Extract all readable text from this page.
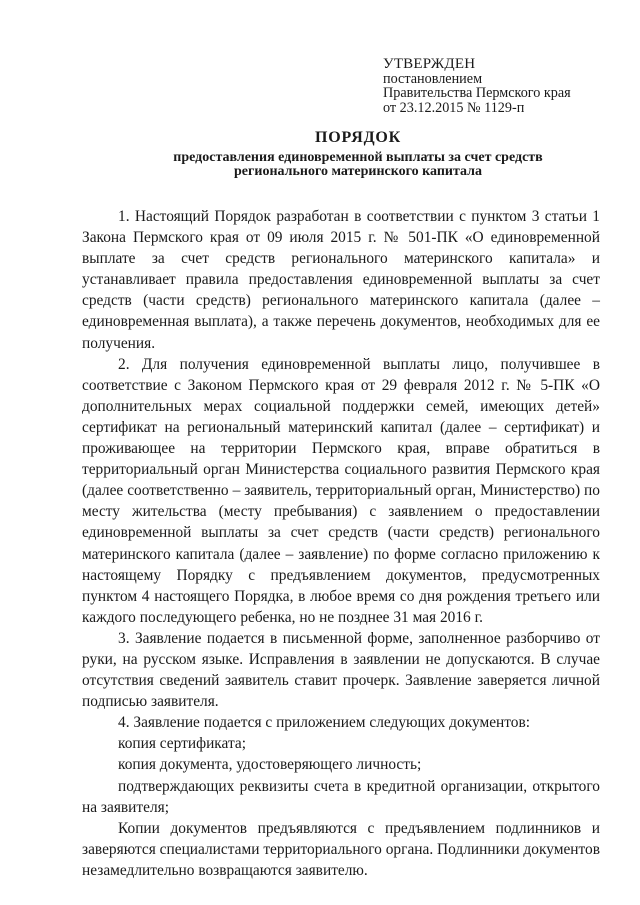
УТВЕРЖДЕН
постановлением
Правительства Пермского края
от 23.12.2015 № 1129-п
ПОРЯДОК
предоставления единовременной выплаты за счет средств
регионального материнского капитала

1. Настоящий Порядок разработан в соответствии с пунктом 3 статьи 1 Закона Пермского края от 09 июля 2015 г. № 501-ПК «О единовременной выплате за счет средств регионального материнского капитала» и устанавливает правила предоставления единовременной выплаты за счет средств (части средств) регионального материнского капитала (далее – единовременная выплата), а также перечень документов, необходимых для ее получения.

2. Для получения единовременной выплаты лицо, получившее в соответствие с Законом Пермского края от 29 февраля 2012 г. № 5-ПК «О дополнительных мерах социальной поддержки семей, имеющих детей» сертификат на региональный материнский капитал (далее – сертификат) и проживающее на территории Пермского края, вправе обратиться в территориальный орган Министерства социального развития Пермского края (далее соответственно – заявитель, территориальный орган, Министерство) по месту жительства (месту пребывания) с заявлением о предоставлении единовременной выплаты за счет средств (части средств) регионального материнского капитала (далее – заявление) по форме согласно приложению к настоящему Порядку с предъявлением документов, предусмотренных пунктом 4 настоящего Порядка, в любое время со дня рождения третьего или каждого последующего ребенка, но не позднее 31 мая 2016 г.

3. Заявление подается в письменной форме, заполненное разборчиво от руки, на русском языке. Исправления в заявлении не допускаются. В случае отсутствия сведений заявитель ставит прочерк. Заявление заверяется личной подписью заявителя.

4. Заявление подается с приложением следующих документов:

копия сертификата;

копия документа, удостоверяющего личность;

подтверждающих реквизиты счета в кредитной организации, открытого на заявителя;

Копии документов предъявляются с предъявлением подлинников и заверяются специалистами территориального органа. Подлинники документов незамедлительно возвращаются заявителю.
